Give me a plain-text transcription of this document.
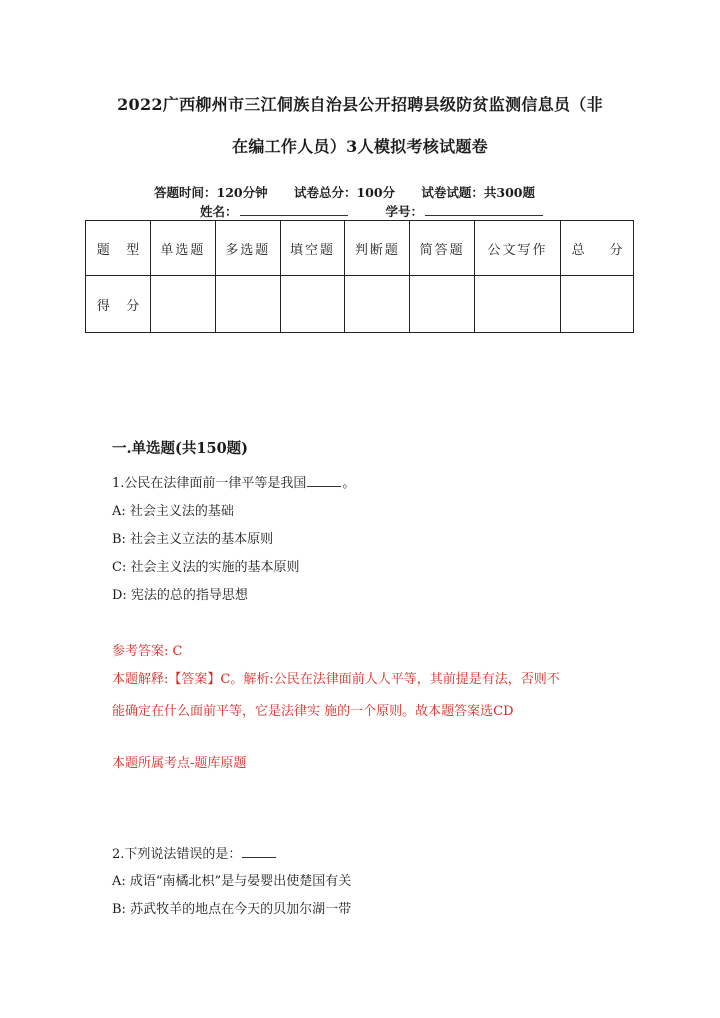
2022广西柳州市三江侗族自治县公开招聘县级防贫监测信息员（非
在编工作人员）3人模拟考核试题卷
答题时间：120分钟 试卷总分：100分 试卷试题：共300题
姓名：	学号：
题    型	单选题	多选题	填空题	判断题	简答题	公文写作	总      分
得    分							
一.单选题(共150题)
1.公民在法律面前一律平等是我国	。
A: 社会主义法的基础
B: 社会主义立法的基本原则
C: 社会主义法的实施的基本原则
D: 宪法的总的指导思想
参考答案: C
本题解释:【答案】C。解析:公民在法律面前人人平等，其前提是有法，否则不
能确定在什么面前平等，它是法律实 施的一个原则。故本题答案选CD
本题所属考点-题库原题
2.下列说法错误的是：
A: 成语“南橘北枳”是与晏婴出使楚国有关
B: 苏武牧羊的地点在今天的贝加尔湖一带
